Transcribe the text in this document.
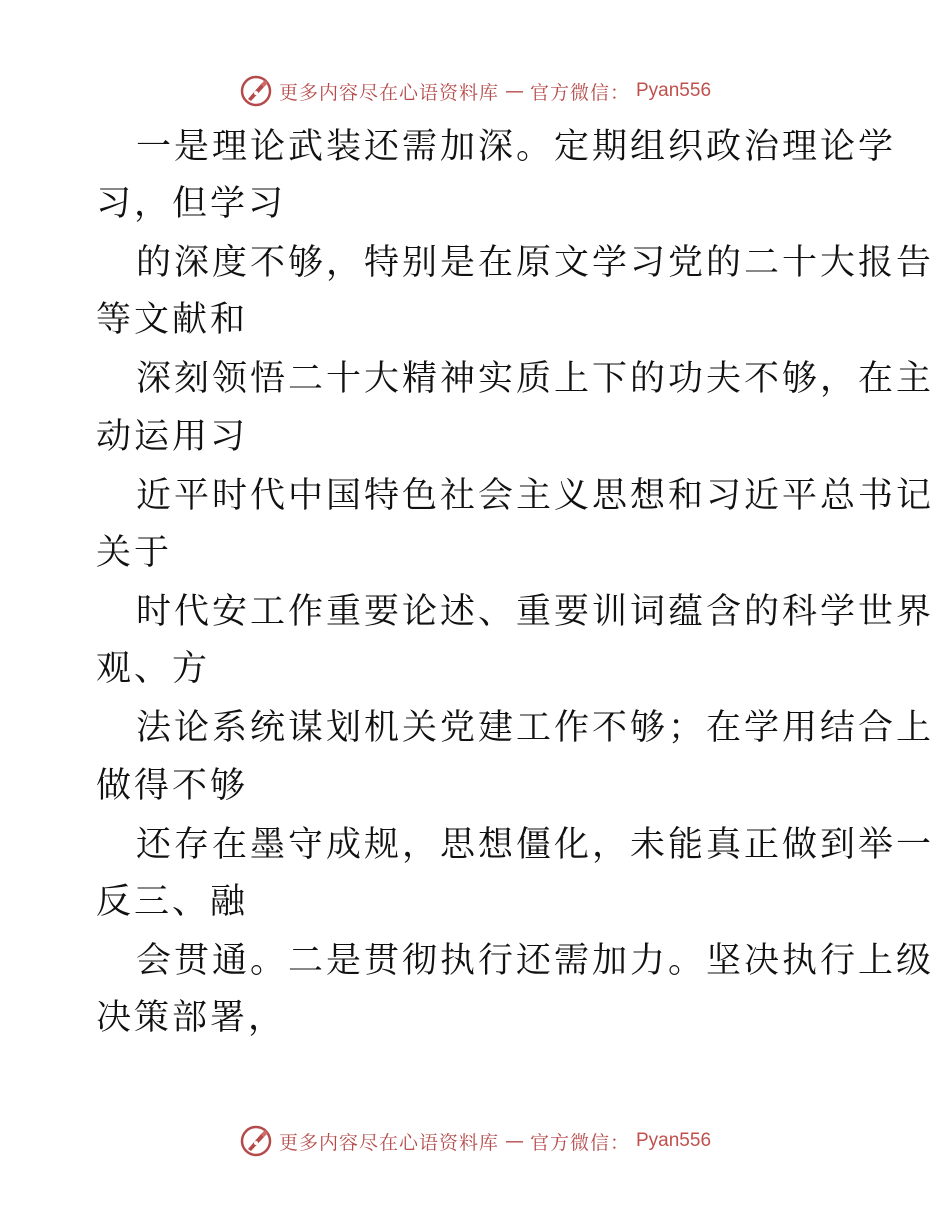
更多内容尽在心语资料库 — 官方微信： Pyan556
一是理论武装还需加深。定期组织政治理论学
习，但学习
的深度不够，特别是在原文学习党的二十大报告
等文献和
深刻领悟二十大精神实质上下的功夫不够，在主
动运用习
近平时代中国特色社会主义思想和习近平总书记
关于
时代安工作重要论述、重要训词蕴含的科学世界
观、方
法论系统谋划机关党建工作不够；在学用结合上
做得不够
还存在墨守成规，思想僵化，未能真正做到举一
反三、融
会贯通。二是贯彻执行还需加力。坚决执行上级
决策部署，
更多内容尽在心语资料库 — 官方微信： Pyan556
